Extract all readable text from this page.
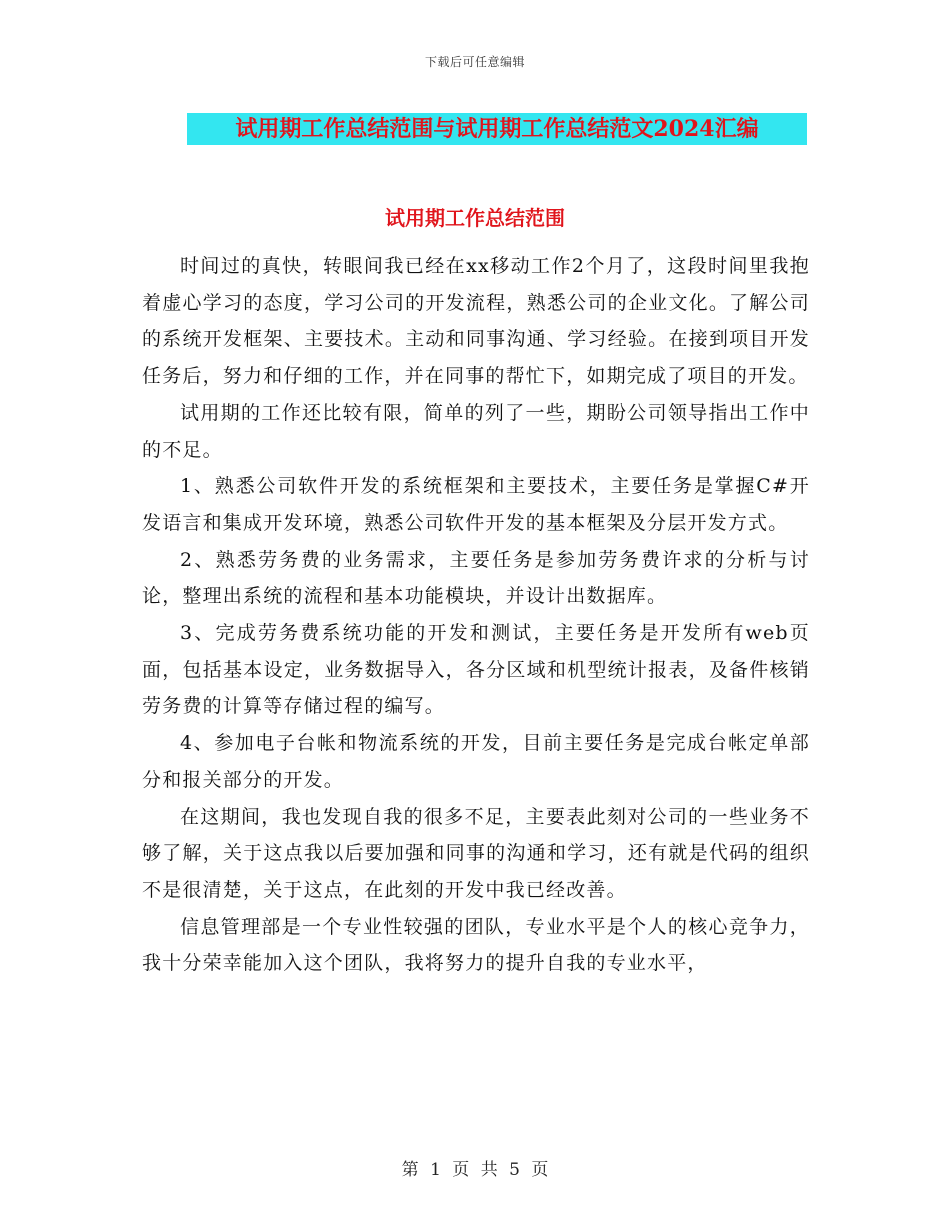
下载后可任意编辑
试用期工作总结范围与试用期工作总结范文2024汇编
试用期工作总结范围

时间过的真快，转眼间我已经在xx移动工作2个月了，这段时间里我抱着虚心学习的态度，学习公司的开发流程，熟悉公司的企业文化。了解公司的系统开发框架、主要技术。主动和同事沟通、学习经验。在接到项目开发任务后，努力和仔细的工作，并在同事的帮忙下，如期完成了项目的开发。

试用期的工作还比较有限，简单的列了一些，期盼公司领导指出工作中的不足。

1、熟悉公司软件开发的系统框架和主要技术，主要任务是掌握C#开发语言和集成开发环境，熟悉公司软件开发的基本框架及分层开发方式。

2、熟悉劳务费的业务需求，主要任务是参加劳务费许求的分析与讨论，整理出系统的流程和基本功能模块，并设计出数据库。

3、完成劳务费系统功能的开发和测试，主要任务是开发所有web页面，包括基本设定，业务数据导入，各分区域和机型统计报表，及备件核销劳务费的计算等存储过程的编写。

4、参加电子台帐和物流系统的开发，目前主要任务是完成台帐定单部分和报关部分的开发。

在这期间，我也发现自我的很多不足，主要表此刻对公司的一些业务不够了解，关于这点我以后要加强和同事的沟通和学习，还有就是代码的组织不是很清楚，关于这点，在此刻的开发中我已经改善。

信息管理部是一个专业性较强的团队，专业水平是个人的核心竞争力，我十分荣幸能加入这个团队，我将努力的提升自我的专业水平，

第 1 页 共 5 页
